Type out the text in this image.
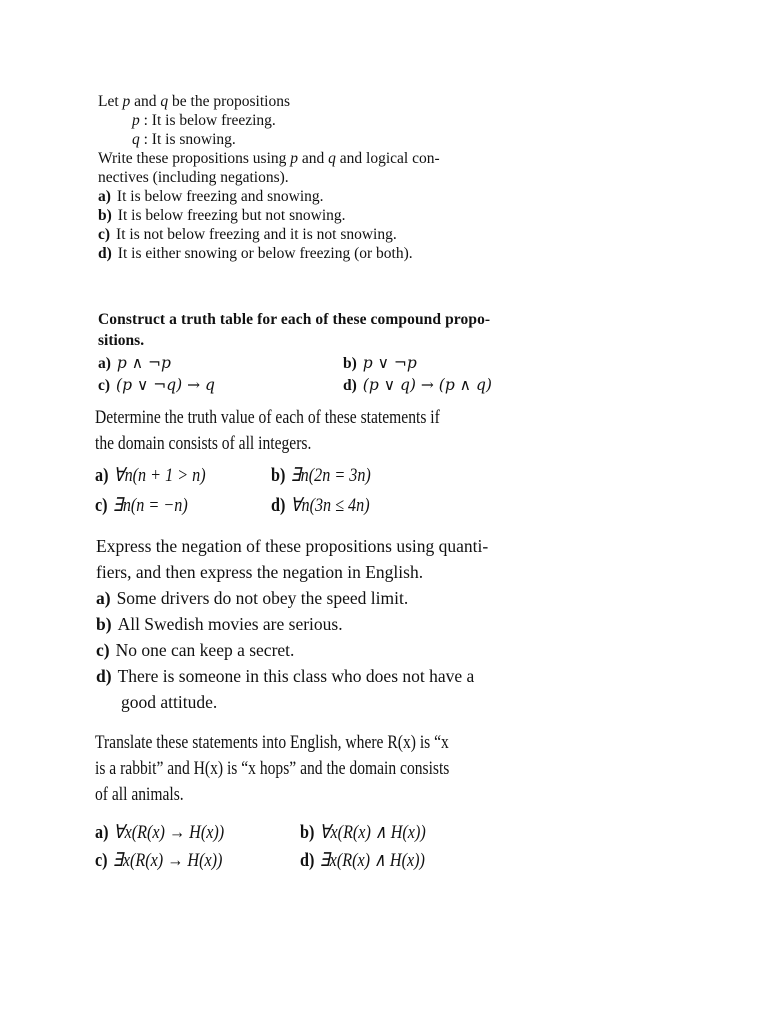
Let p and q be the propositions
p : It is below freezing.
q : It is snowing.
Write these propositions using p and q and logical con-
nectives (including negations).
a) It is below freezing and snowing.
b) It is below freezing but not snowing.
c) It is not below freezing and it is not snowing.
d) It is either snowing or below freezing (or both).
Construct a truth table for each of these compound propo-
sitions.
a) p ∧ ¬p	b) p ∨ ¬p
c) (p ∨ ¬q) → q	d) (p ∨ q) → (p ∧ q)
Determine the truth value of each of these statements if
the domain consists of all integers.
a) ∀n(n + 1 > n)	b) ∃n(2n = 3n)
c) ∃n(n = −n)	d) ∀n(3n ≤ 4n)
Express the negation of these propositions using quanti-
fiers, and then express the negation in English.
a) Some drivers do not obey the speed limit.
b) All Swedish movies are serious.
c) No one can keep a secret.
d) There is someone in this class who does not have a
good attitude.
Translate these statements into English, where R(x) is “x
is a rabbit” and H(x) is “x hops” and the domain consists
of all animals.
a) ∀x(R(x) → H(x))	b) ∀x(R(x) ∧ H(x))
c) ∃x(R(x) → H(x))	d) ∃x(R(x) ∧ H(x))
